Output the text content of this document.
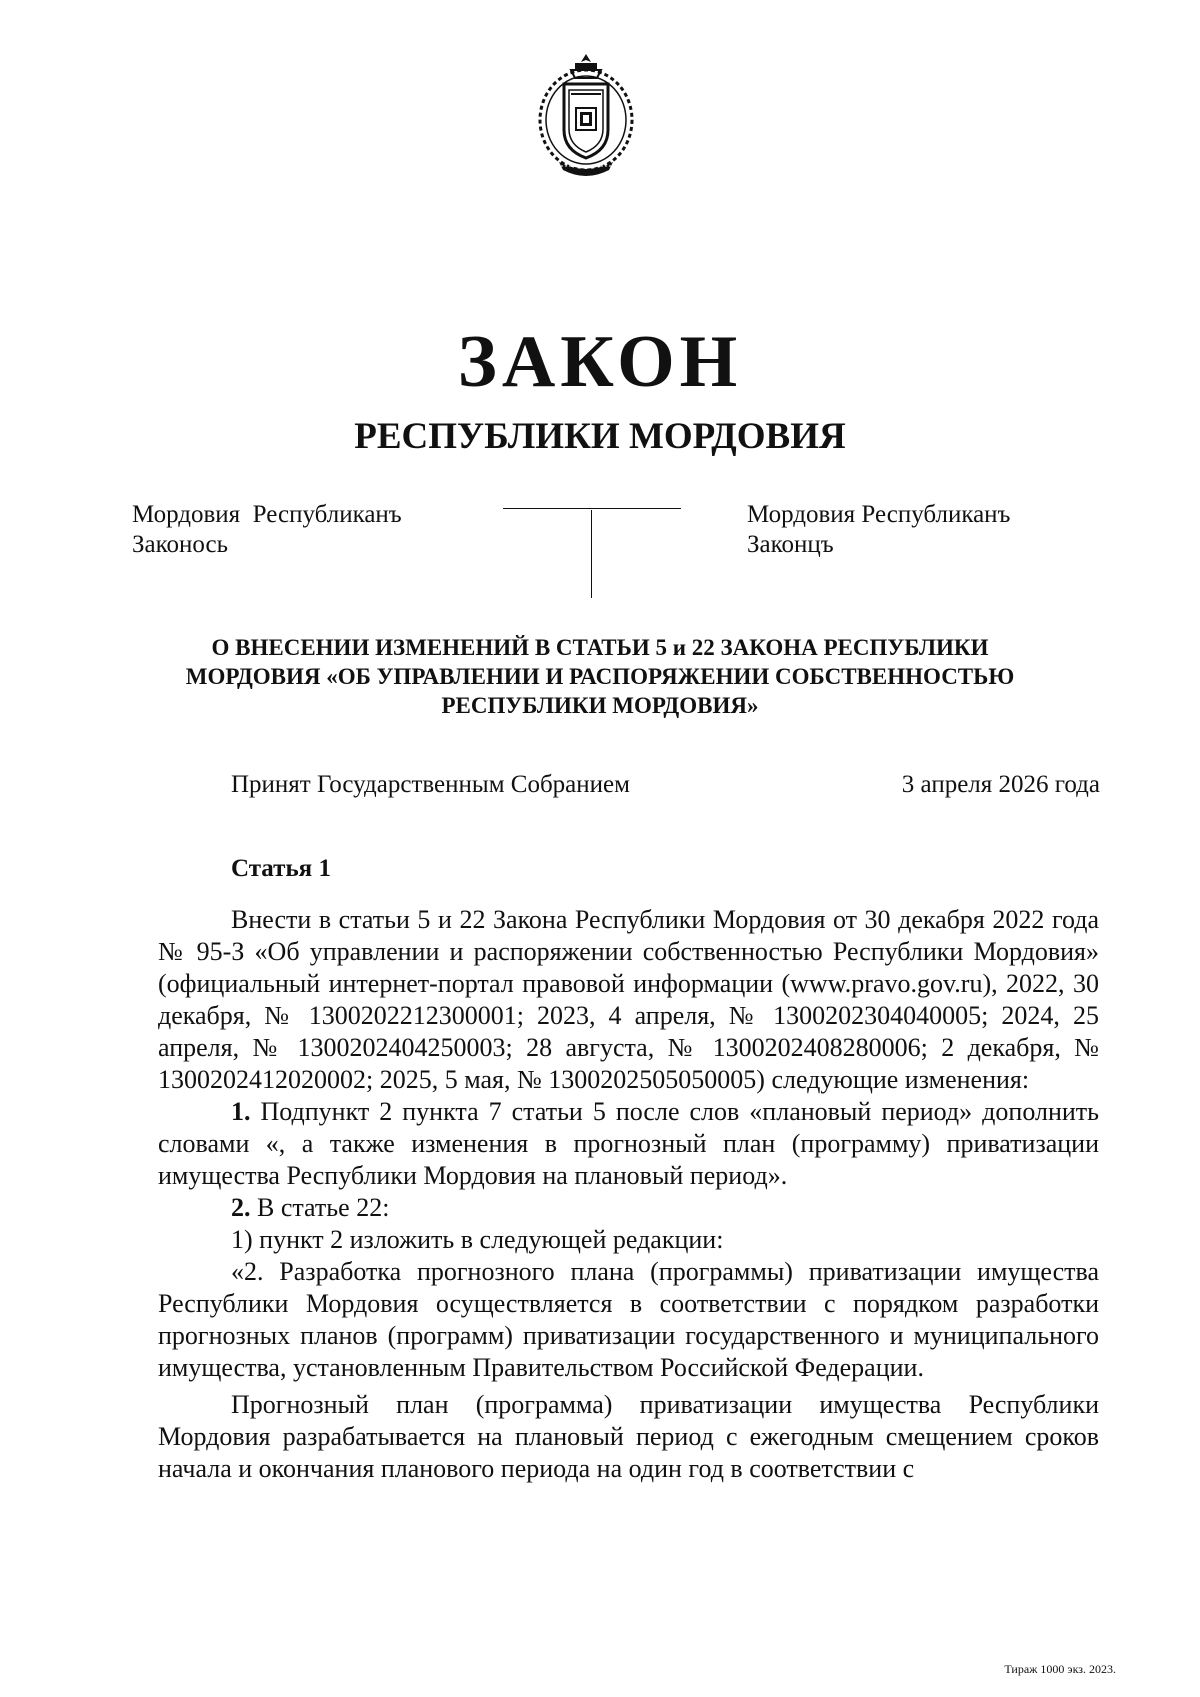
ЗАКОН
РЕСПУБЛИКИ МОРДОВИЯ
Мордовия  Республиканъ
Законось
Мордовия Республиканъ
Законцъ
О ВНЕСЕНИИ ИЗМЕНЕНИЙ В СТАТЬИ 5 и 22 ЗАКОНА РЕСПУБЛИКИ МОРДОВИЯ «ОБ УПРАВЛЕНИИ И РАСПОРЯЖЕНИИ СОБСТВЕННОСТЬЮ РЕСПУБЛИКИ МОРДОВИЯ»
Принят Государственным Собранием	3 апреля 2026 года
Статья 1

Внести в статьи 5 и 22 Закона Республики Мордовия от 30 декабря 2022 года № 95-З «Об управлении и распоряжении собственностью Республики Мордовия» (официальный интернет-портал правовой информации (www.pravo.gov.ru), 2022, 30 декабря, № 1300202212300001; 2023, 4 апреля, № 1300202304040005; 2024, 25 апреля, № 1300202404250003; 28 августа, № 1300202408280006; 2 декабря, № 1300202412020002; 2025, 5 мая, № 1300202505050005) следующие изменения:

1. Подпункт 2 пункта 7 статьи 5 после слов «плановый период» дополнить словами «, а также изменения в прогнозный план (программу) приватизации имущества Республики Мордовия на плановый период».

2. В статье 22:

1) пункт 2 изложить в следующей редакции:

«2. Разработка прогнозного плана (программы) приватизации имущества Республики Мордовия осуществляется в соответствии с порядком разработки прогнозных планов (программ) приватизации государственного и муниципального имущества, установленным Правительством Российской Федерации.

Прогнозный план (программа) приватизации имущества Республики Мордовия разрабатывается на плановый период с ежегодным смещением сроков начала и окончания планового периода на один год в соответствии с

Тираж 1000 экз. 2023.
